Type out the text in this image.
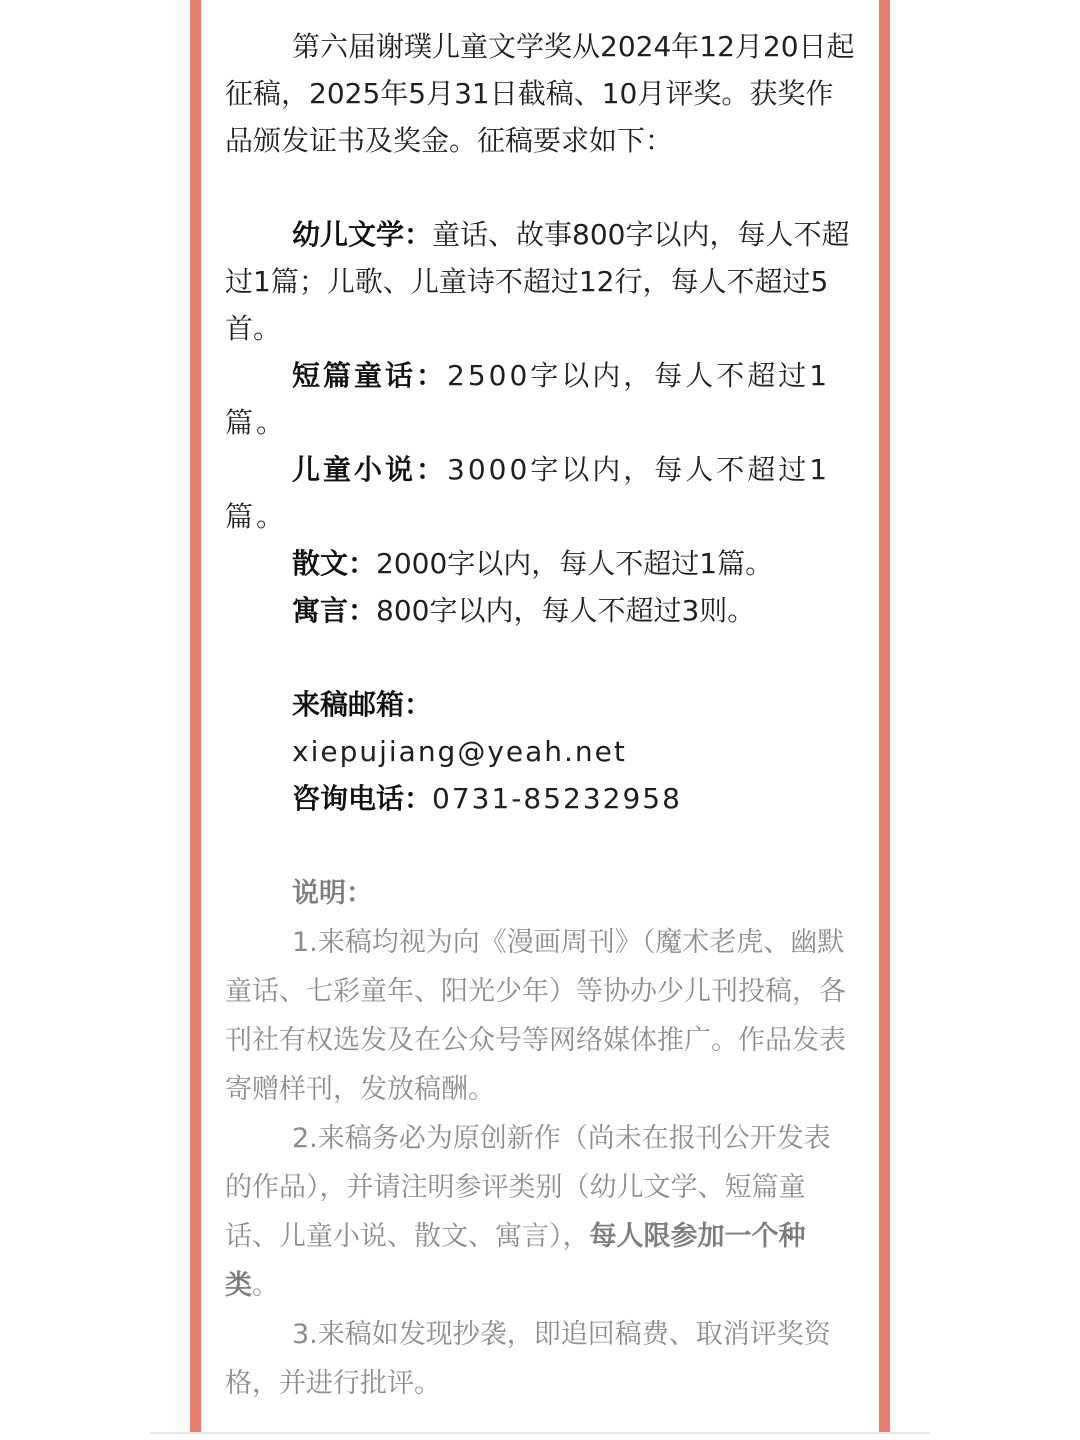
第六届谢璞儿童文学奖从2024年12月20日起征稿，2025年5月31日截稿、10月评奖。获奖作品颁发证书及奖金。征稿要求如下：

幼儿文学：童话、故事800字以内，每人不超过1篇；儿歌、儿童诗不超过12行，每人不超过5首。

短篇童话：2500字以内，每人不超过1篇。

儿童小说：3000字以内，每人不超过1篇。

散文：2000字以内，每人不超过1篇。

寓言：800字以内，每人不超过3则。

来稿邮箱：

xiepujiang@yeah.net

咨询电话：0731-85232958

说明：

1.来稿均视为向《漫画周刊》（魔术老虎、幽默童话、七彩童年、阳光少年）等协办少儿刊投稿，各刊社有权选发及在公众号等网络媒体推广。作品发表寄赠样刊，发放稿酬。

2.来稿务必为原创新作（尚未在报刊公开发表的作品），并请注明参评类别（幼儿文学、短篇童话、儿童小说、散文、寓言），每人限参加一个种类。

3.来稿如发现抄袭，即追回稿费、取消评奖资格，并进行批评。
